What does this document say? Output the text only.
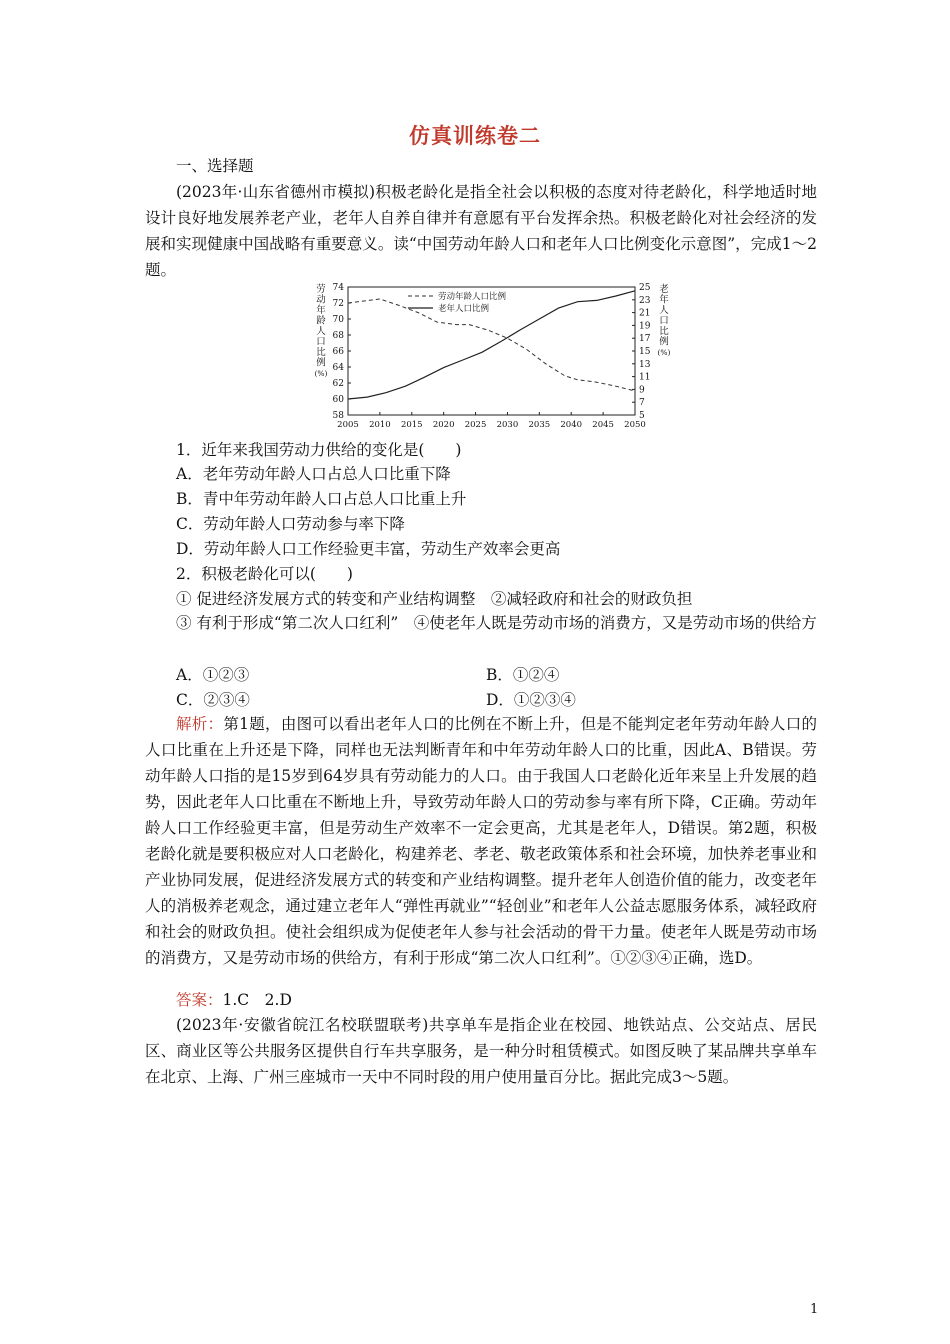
仿真训练卷二
一、选择题
(2023年·山东省德州市模拟)积极老龄化是指全社会以积极的态度对待老龄化，科学地适时地设计良好地发展养老产业，老年人自养自律并有意愿有平台发挥余热。积极老龄化对社会经济的发展和实现健康中国战略有重要意义。读“中国劳动年龄人口和老年人口比例变化示意图”，完成1～2题。
58
60
62
64
66
68
70
72
74
5
7
9
11
13
15
17
19
21
23
25
2005 2010 2015 2020 2025 2030 2035 2040 2045 2050
劳
动
年
龄
人
口
比
例
(%)
老
年
人
口
比
例
(%)
劳动年龄人口比例
老年人口比例
1．近年来我国劳动力供给的变化是(　　)
A．老年劳动年龄人口占总人口比重下降
B．青中年劳动年龄人口占总人口比重上升
C．劳动年龄人口劳动参与率下降
D．劳动年龄人口工作经验更丰富，劳动生产效率会更高
2．积极老龄化可以(　　)
① 促进经济发展方式的转变和产业结构调整　②减轻政府和社会的财政负担
③ 有利于形成“第二次人口红利”　④使老年人既是劳动市场的消费方，又是劳动市场的供给方
A．①②③	B．①②④
C．②③④	D．①②③④
解析：第1题，由图可以看出老年人口的比例在不断上升，但是不能判定老年劳动年龄人口的人口比重在上升还是下降，同样也无法判断青年和中年劳动年龄人口的比重，因此A、B错误。劳动年龄人口指的是15岁到64岁具有劳动能力的人口。由于我国人口老龄化近年来呈上升发展的趋势，因此老年人口比重在不断地上升，导致劳动年龄人口的劳动参与率有所下降，C正确。劳动年龄人口工作经验更丰富，但是劳动生产效率不一定会更高，尤其是老年人，D错误。第2题，积极老龄化就是要积极应对人口老龄化，构建养老、孝老、敬老政策体系和社会环境，加快养老事业和产业协同发展，促进经济发展方式的转变和产业结构调整。提升老年人创造价值的能力，改变老年人的消极养老观念，通过建立老年人“弹性再就业”“轻创业”和老年人公益志愿服务体系，减轻政府和社会的财政负担。使社会组织成为促使老年人参与社会活动的骨干力量。使老年人既是劳动市场的消费方，又是劳动市场的供给方，有利于形成“第二次人口红利”。①②③④正确，选D。
答案：1.C　2.D
(2023年·安徽省皖江名校联盟联考)共享单车是指企业在校园、地铁站点、公交站点、居民区、商业区等公共服务区提供自行车共享服务，是一种分时租赁模式。如图反映了某品牌共享单车在北京、上海、广州三座城市一天中不同时段的用户使用量百分比。据此完成3～5题。
1
